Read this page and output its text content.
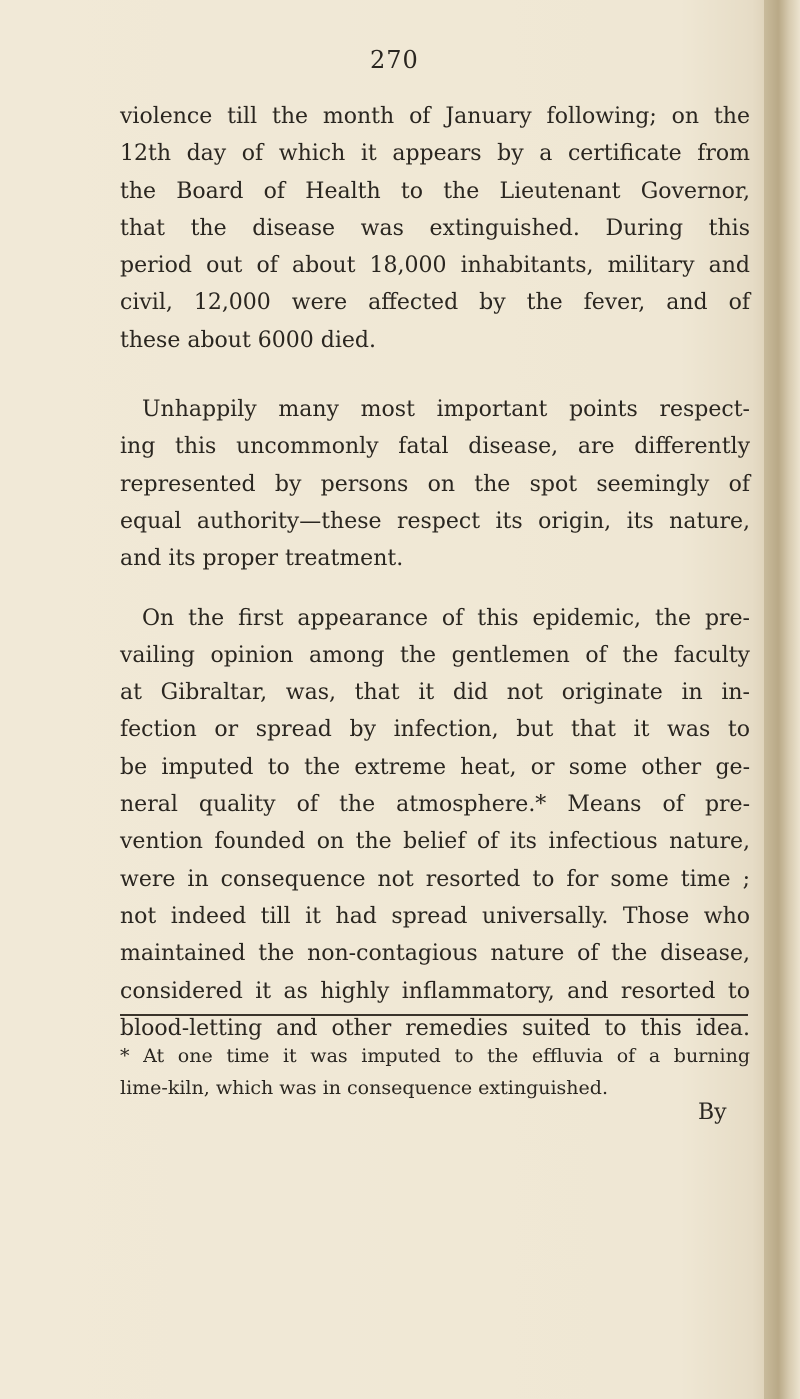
270
violence till the month of January following; on the
12th day of which it appears by a certificate from
the Board of Health to the Lieutenant Governor,
that the disease was extinguished. During this
period out of about 18,000 inhabitants, military and
civil, 12,000 were affected by the fever, and of
these about 6000 died.
Unhappily many most important points respect-
ing this uncommonly fatal disease, are differently
represented by persons on the spot seemingly of
equal authority—these respect its origin, its nature,
and its proper treatment.
On the first appearance of this epidemic, the pre-
vailing opinion among the gentlemen of the faculty
at Gibraltar, was, that it did not originate in in-
fection or spread by infection, but that it was to
be imputed to the extreme heat, or some other ge-
neral quality of the atmosphere.* Means of pre-
vention founded on the belief of its infectious nature,
were in consequence not resorted to for some time ;
not indeed till it had spread universally. Those who
maintained the non-contagious nature of the disease,
considered it as highly inflammatory, and resorted to
blood-letting and other remedies suited to this idea.
* At one time it was imputed to the effluvia of a burning
lime-kiln, which was in consequence extinguished.
By
